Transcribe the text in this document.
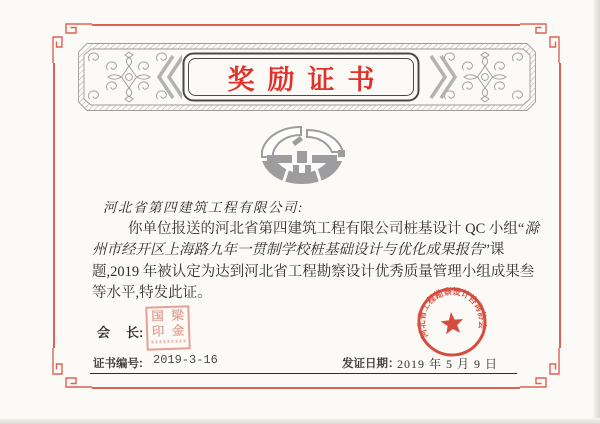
奖励证书
河北省第四建筑工程有限公司:
你单位报送的河北省第四建筑工程有限公司桩基设计 QC 小组“滁
州市经开区上海路九年一贯制学校桩基础设计与优化成果报告”课
题,2019 年被认定为达到河北省工程勘察设计优秀质量管理小组成果叁
等水平,特发此证。
会 长:
国 梁
印 金	河北省工程勘察设计咨询协会
证书编号: 2019-3-16	发证日期：
2019 年 5 月 9 日
